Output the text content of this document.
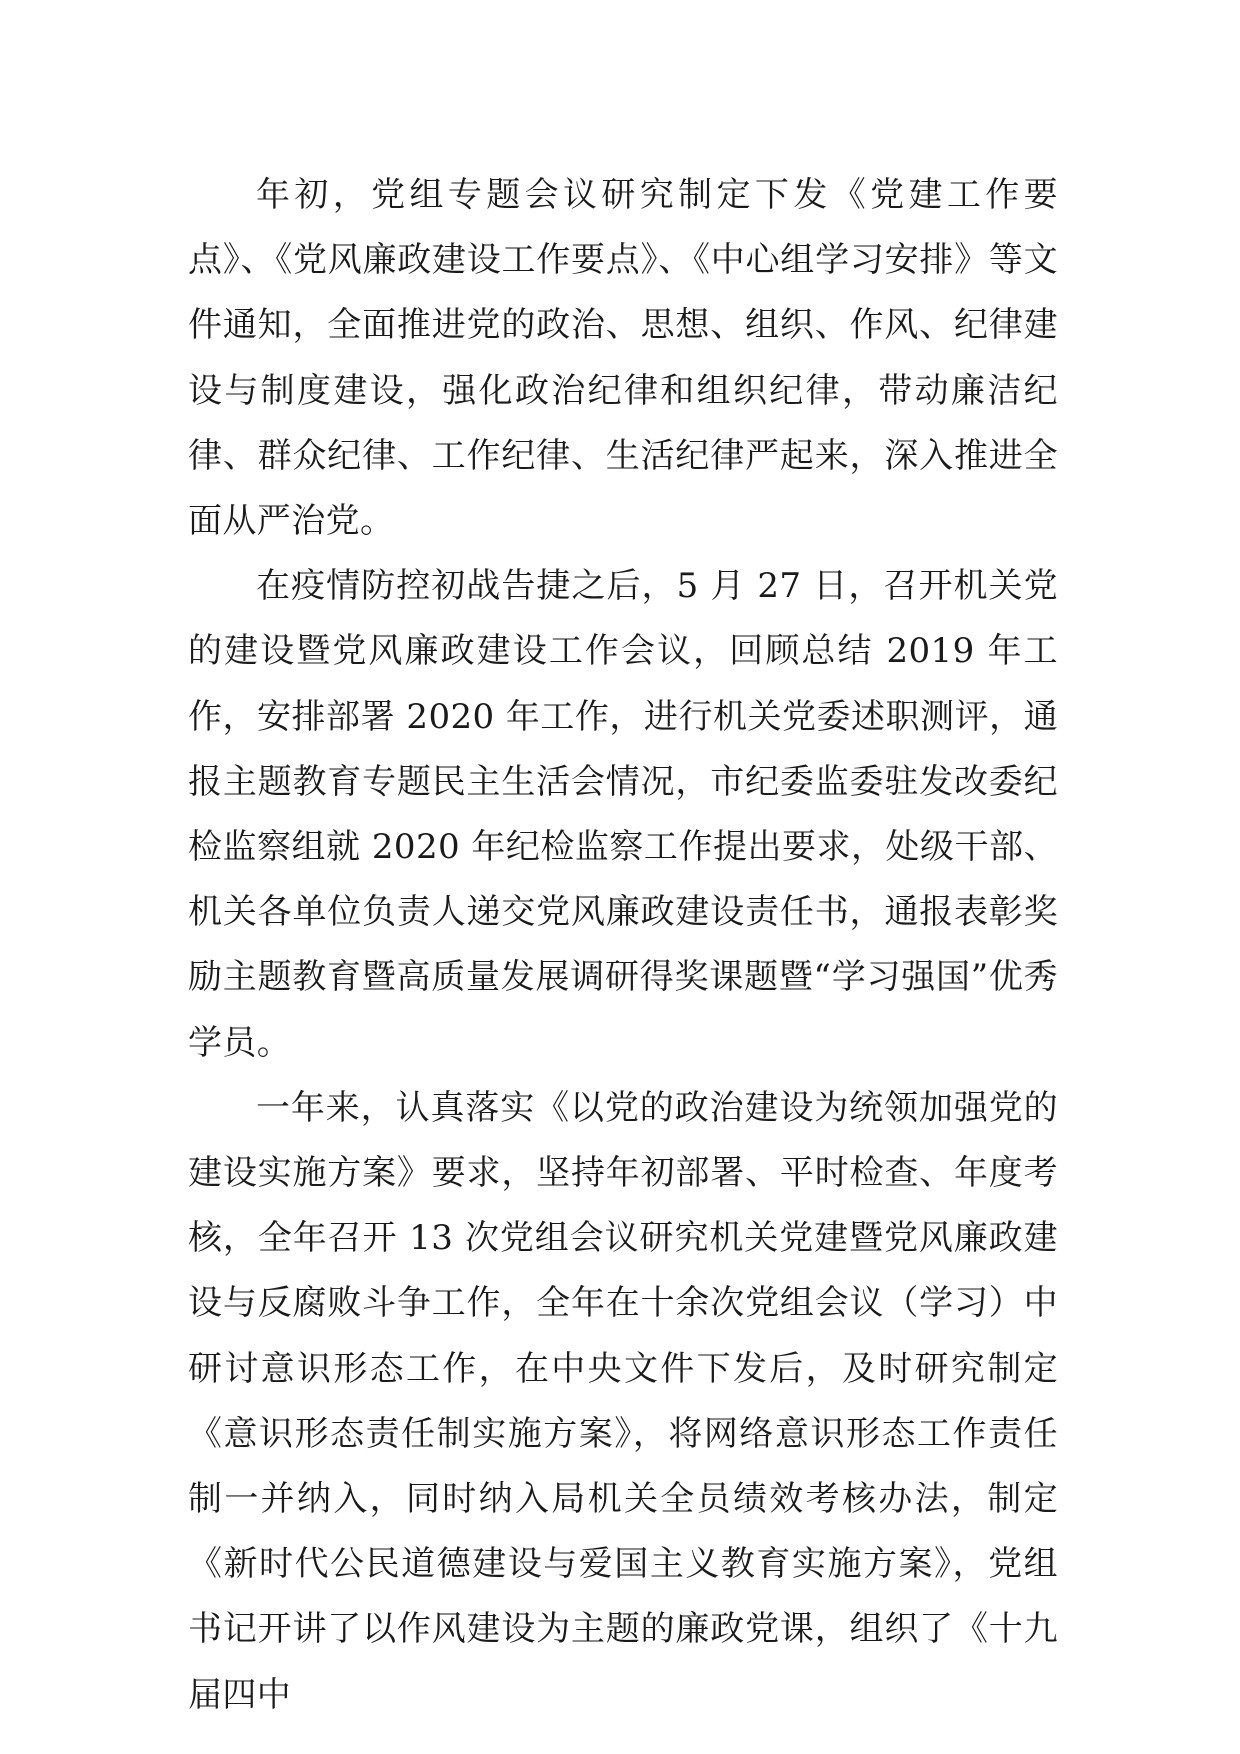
年初，党组专题会议研究制定下发《党建工作要点》、《党风廉政建设工作要点》、《中心组学习安排》等文件通知，全面推进党的政治、思想、组织、作风、纪律建设与制度建设，强化政治纪律和组织纪律，带动廉洁纪律、群众纪律、工作纪律、生活纪律严起来，深入推进全面从严治党。

在疫情防控初战告捷之后，5 月 27 日，召开机关党的建设暨党风廉政建设工作会议，回顾总结 2019 年工作，安排部署 2020 年工作，进行机关党委述职测评，通报主题教育专题民主生活会情况，市纪委监委驻发改委纪检监察组就 2020 年纪检监察工作提出要求，处级干部、机关各单位负责人递交党风廉政建设责任书，通报表彰奖励主题教育暨高质量发展调研得奖课题暨“学习强国”优秀学员。

一年来，认真落实《以党的政治建设为统领加强党的建设实施方案》要求，坚持年初部署、平时检查、年度考核，全年召开 13 次党组会议研究机关党建暨党风廉政建设与反腐败斗争工作，全年在十余次党组会议（学习）中研讨意识形态工作，在中央文件下发后，及时研究制定《意识形态责任制实施方案》，将网络意识形态工作责任制一并纳入，同时纳入局机关全员绩效考核办法，制定《新时代公民道德建设与爱国主义教育实施方案》，党组书记开讲了以作风建设为主题的廉政党课，组织了《十九届四中
